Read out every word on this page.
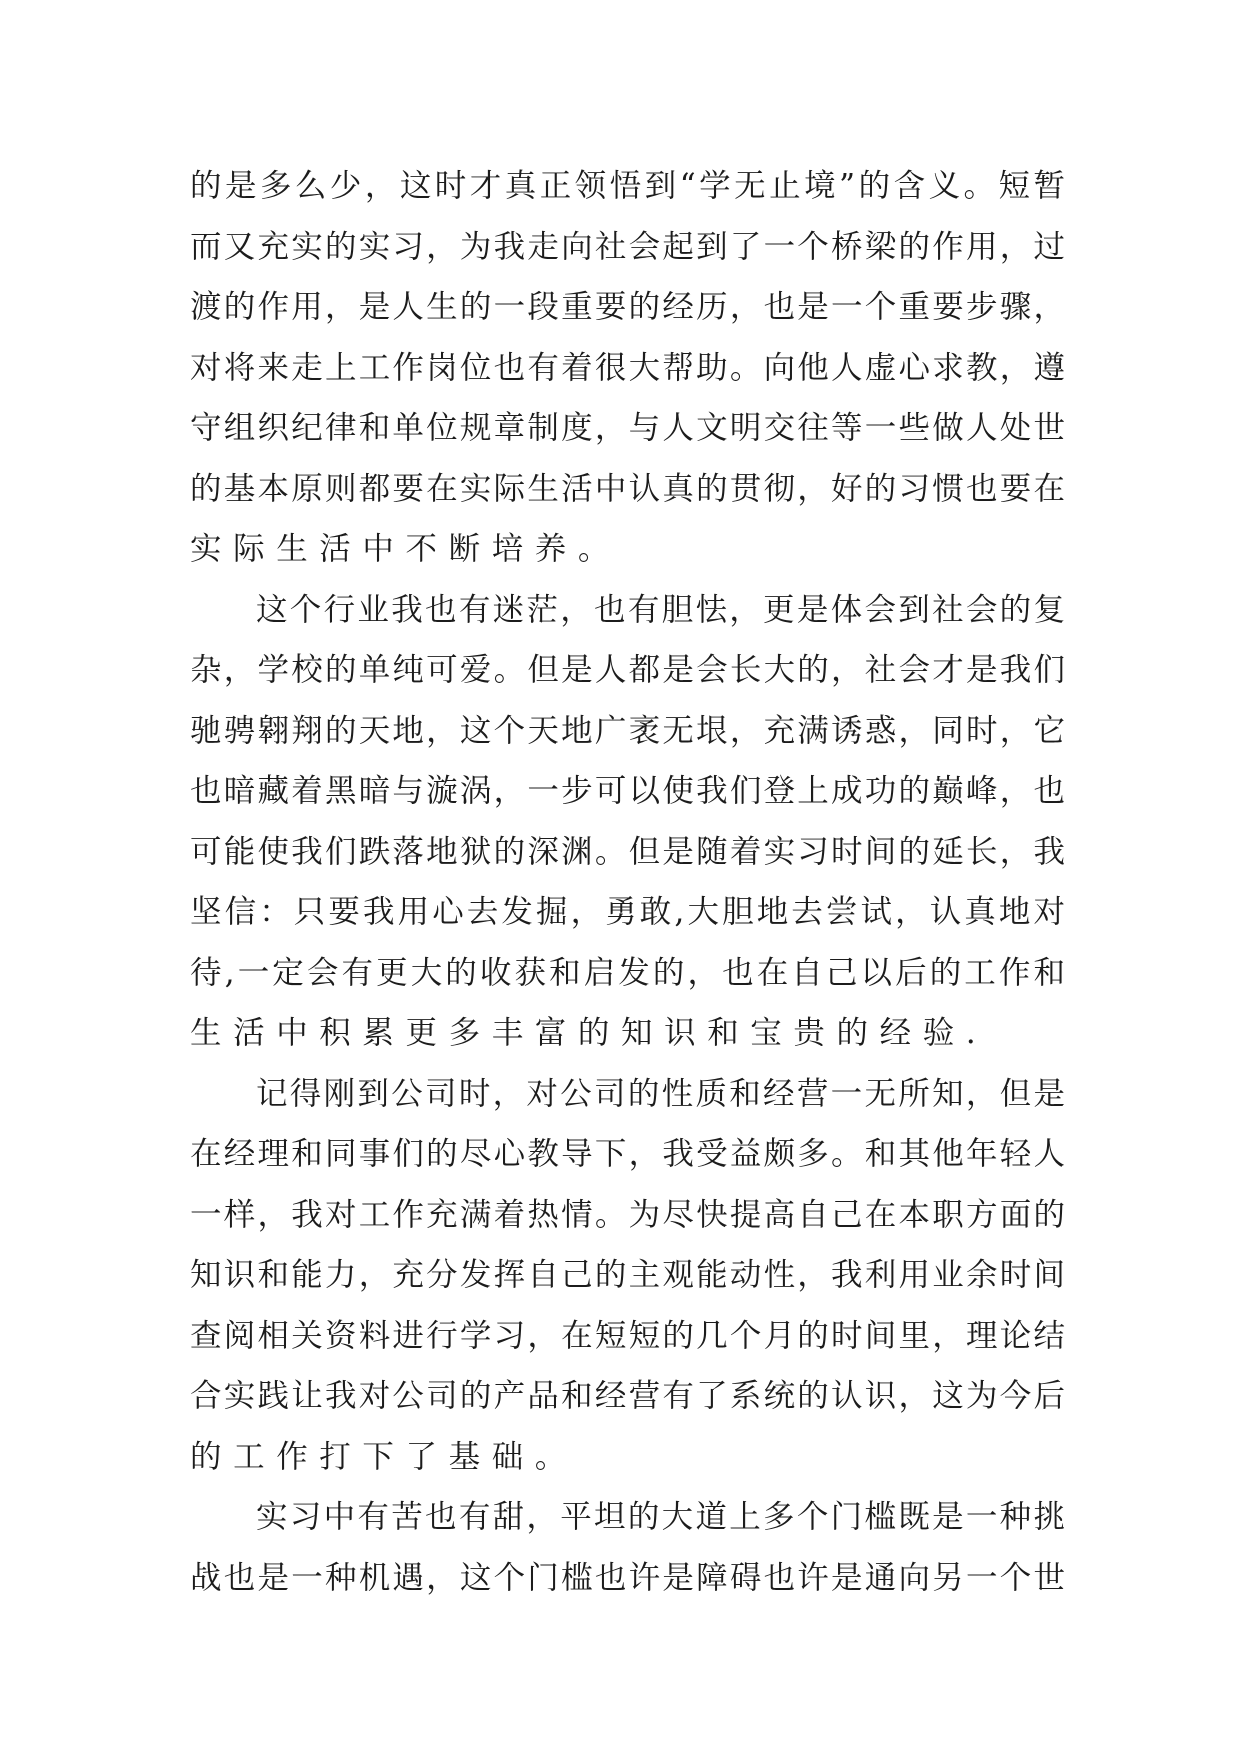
的是多么少，这时才真正领悟到“学无止境”的含义。短暂
而又充实的实习，为我走向社会起到了一个桥梁的作用，过
渡的作用，是人生的一段重要的经历，也是一个重要步骤，
对将来走上工作岗位也有着很大帮助。向他人虚心求教，遵
守组织纪律和单位规章制度，与人文明交往等一些做人处世
的基本原则都要在实际生活中认真的贯彻，好的习惯也要在
实际生活中不断培养。
这个行业我也有迷茫，也有胆怯，更是体会到社会的复
杂，学校的单纯可爱。但是人都是会长大的，社会才是我们
驰骋翱翔的天地，这个天地广袤无垠，充满诱惑，同时，它
也暗藏着黑暗与漩涡，一步可以使我们登上成功的巅峰，也
可能使我们跌落地狱的深渊。但是随着实习时间的延长，我
坚信：只要我用心去发掘，勇敢,大胆地去尝试，认真地对
待,一定会有更大的收获和启发的，也在自己以后的工作和
生活中积累更多丰富的知识和宝贵的经验.
记得刚到公司时，对公司的性质和经营一无所知，但是
在经理和同事们的尽心教导下，我受益颇多。和其他年轻人
一样，我对工作充满着热情。为尽快提高自己在本职方面的
知识和能力，充分发挥自己的主观能动性，我利用业余时间
查阅相关资料进行学习，在短短的几个月的时间里，理论结
合实践让我对公司的产品和经营有了系统的认识，这为今后
的工作打下了基础。
实习中有苦也有甜，平坦的大道上多个门槛既是一种挑
战也是一种机遇，这个门槛也许是障碍也许是通向另一个世
